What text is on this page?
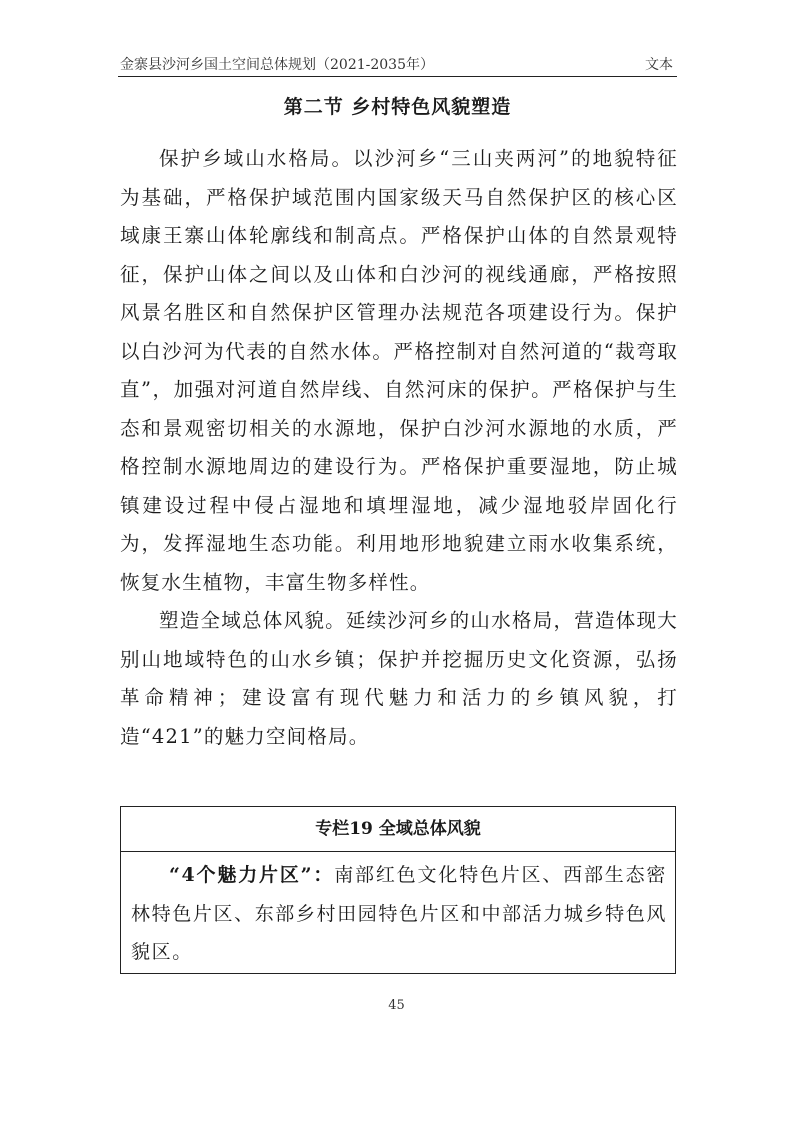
金寨县沙河乡国土空间总体规划（2021-2035年）	文本
第二节 乡村特色风貌塑造

保护乡域山水格局。以沙河乡“三山夹两河”的地貌特征为基础，严格保护域范围内国家级天马自然保护区的核心区域康王寨山体轮廓线和制高点。严格保护山体的自然景观特征，保护山体之间以及山体和白沙河的视线通廊，严格按照风景名胜区和自然保护区管理办法规范各项建设行为。保护以白沙河为代表的自然水体。严格控制对自然河道的“裁弯取直”，加强对河道自然岸线、自然河床的保护。严格保护与生态和景观密切相关的水源地，保护白沙河水源地的水质，严格控制水源地周边的建设行为。严格保护重要湿地，防止城镇建设过程中侵占湿地和填埋湿地，减少湿地驳岸固化行为，发挥湿地生态功能。利用地形地貌建立雨水收集系统，恢复水生植物，丰富生物多样性。

塑造全域总体风貌。延续沙河乡的山水格局，营造体现大别山地域特色的山水乡镇；保护并挖掘历史文化资源，弘扬革命精神；建设富有现代魅力和活力的乡镇风貌，打造“421”的魅力空间格局。

专栏19 全域总体风貌

“4个魅力片区”：南部红色文化特色片区、西部生态密林特色片区、东部乡村田园特色片区和中部活力城乡特色风貌区。

45
